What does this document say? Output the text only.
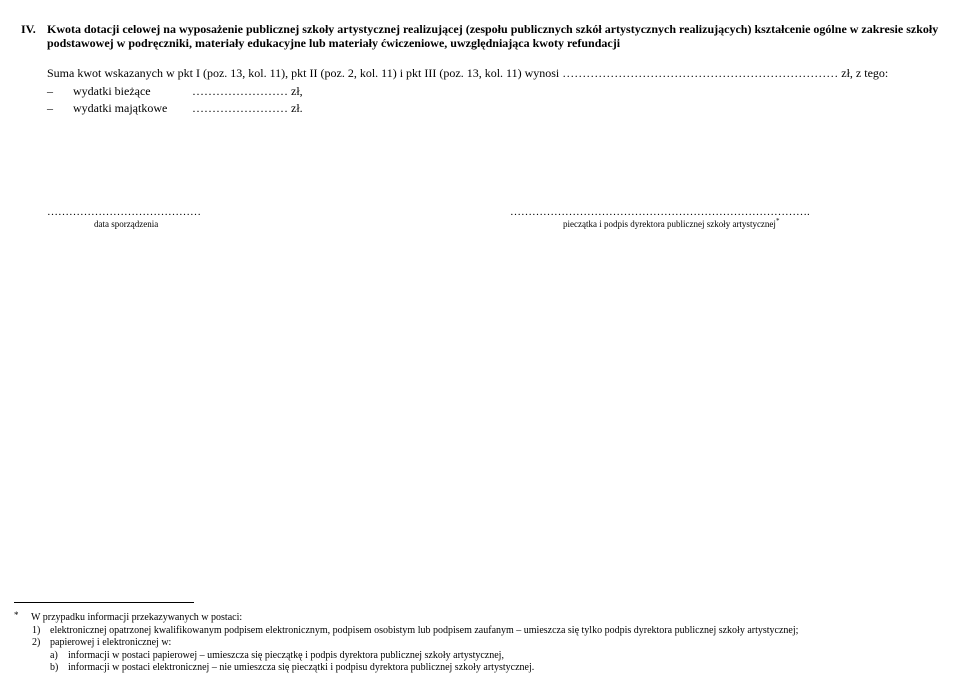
IV. Kwota dotacji celowej na wyposażenie publicznej szkoły artystycznej realizującej (zespołu publicznych szkół artystycznych realizujących) kształcenie ogólne w zakresie szkoły podstawowej w podręczniki, materiały edukacyjne lub materiały ćwiczeniowe, uwzględniająca kwoty refundacji
Suma kwot wskazanych w pkt I (poz. 13, kol. 11), pkt II (poz. 2, kol. 11) i pkt III (poz. 13, kol. 11) wynosi …………………………………………………………… zł, z tego:
– wydatki bieżące	…………………… zł,
– wydatki majątkowe …………………… zł.
……………………………………
data sporządzenia
……………………………………………………………………….
pieczątka i podpis dyrektora publicznej szkoły artystycznej*
* W przypadku informacji przekazywanych w postaci:
1) elektronicznej opatrzonej kwalifikowanym podpisem elektronicznym, podpisem osobistym lub podpisem zaufanym – umieszcza się tylko podpis dyrektora publicznej szkoły artystycznej;
2) papierowej i elektronicznej w:
a) informacji w postaci papierowej – umieszcza się pieczątkę i podpis dyrektora publicznej szkoły artystycznej,
b) informacji w postaci elektronicznej – nie umieszcza się pieczątki i podpisu dyrektora publicznej szkoły artystycznej.
